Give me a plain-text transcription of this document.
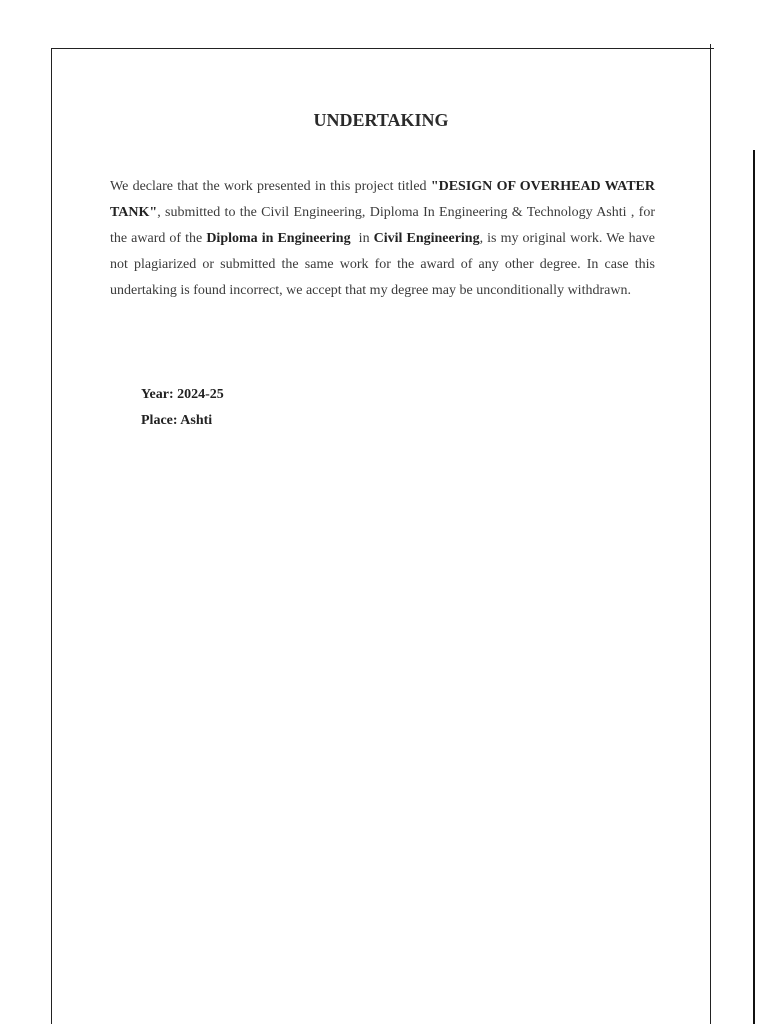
UNDERTAKING

We declare that the work presented in this project titled "DESIGN OF OVERHEAD WATER TANK", submitted to the Civil Engineering, Diploma In Engineering & Technology Ashti , for the award of the Diploma in Engineering  in Civil Engineering, is my original work. We have not plagiarized or submitted the same work for the award of any other degree. In case this undertaking is found incorrect, we accept that my degree may be unconditionally withdrawn.

Year: 2024-25
Place: Ashti
